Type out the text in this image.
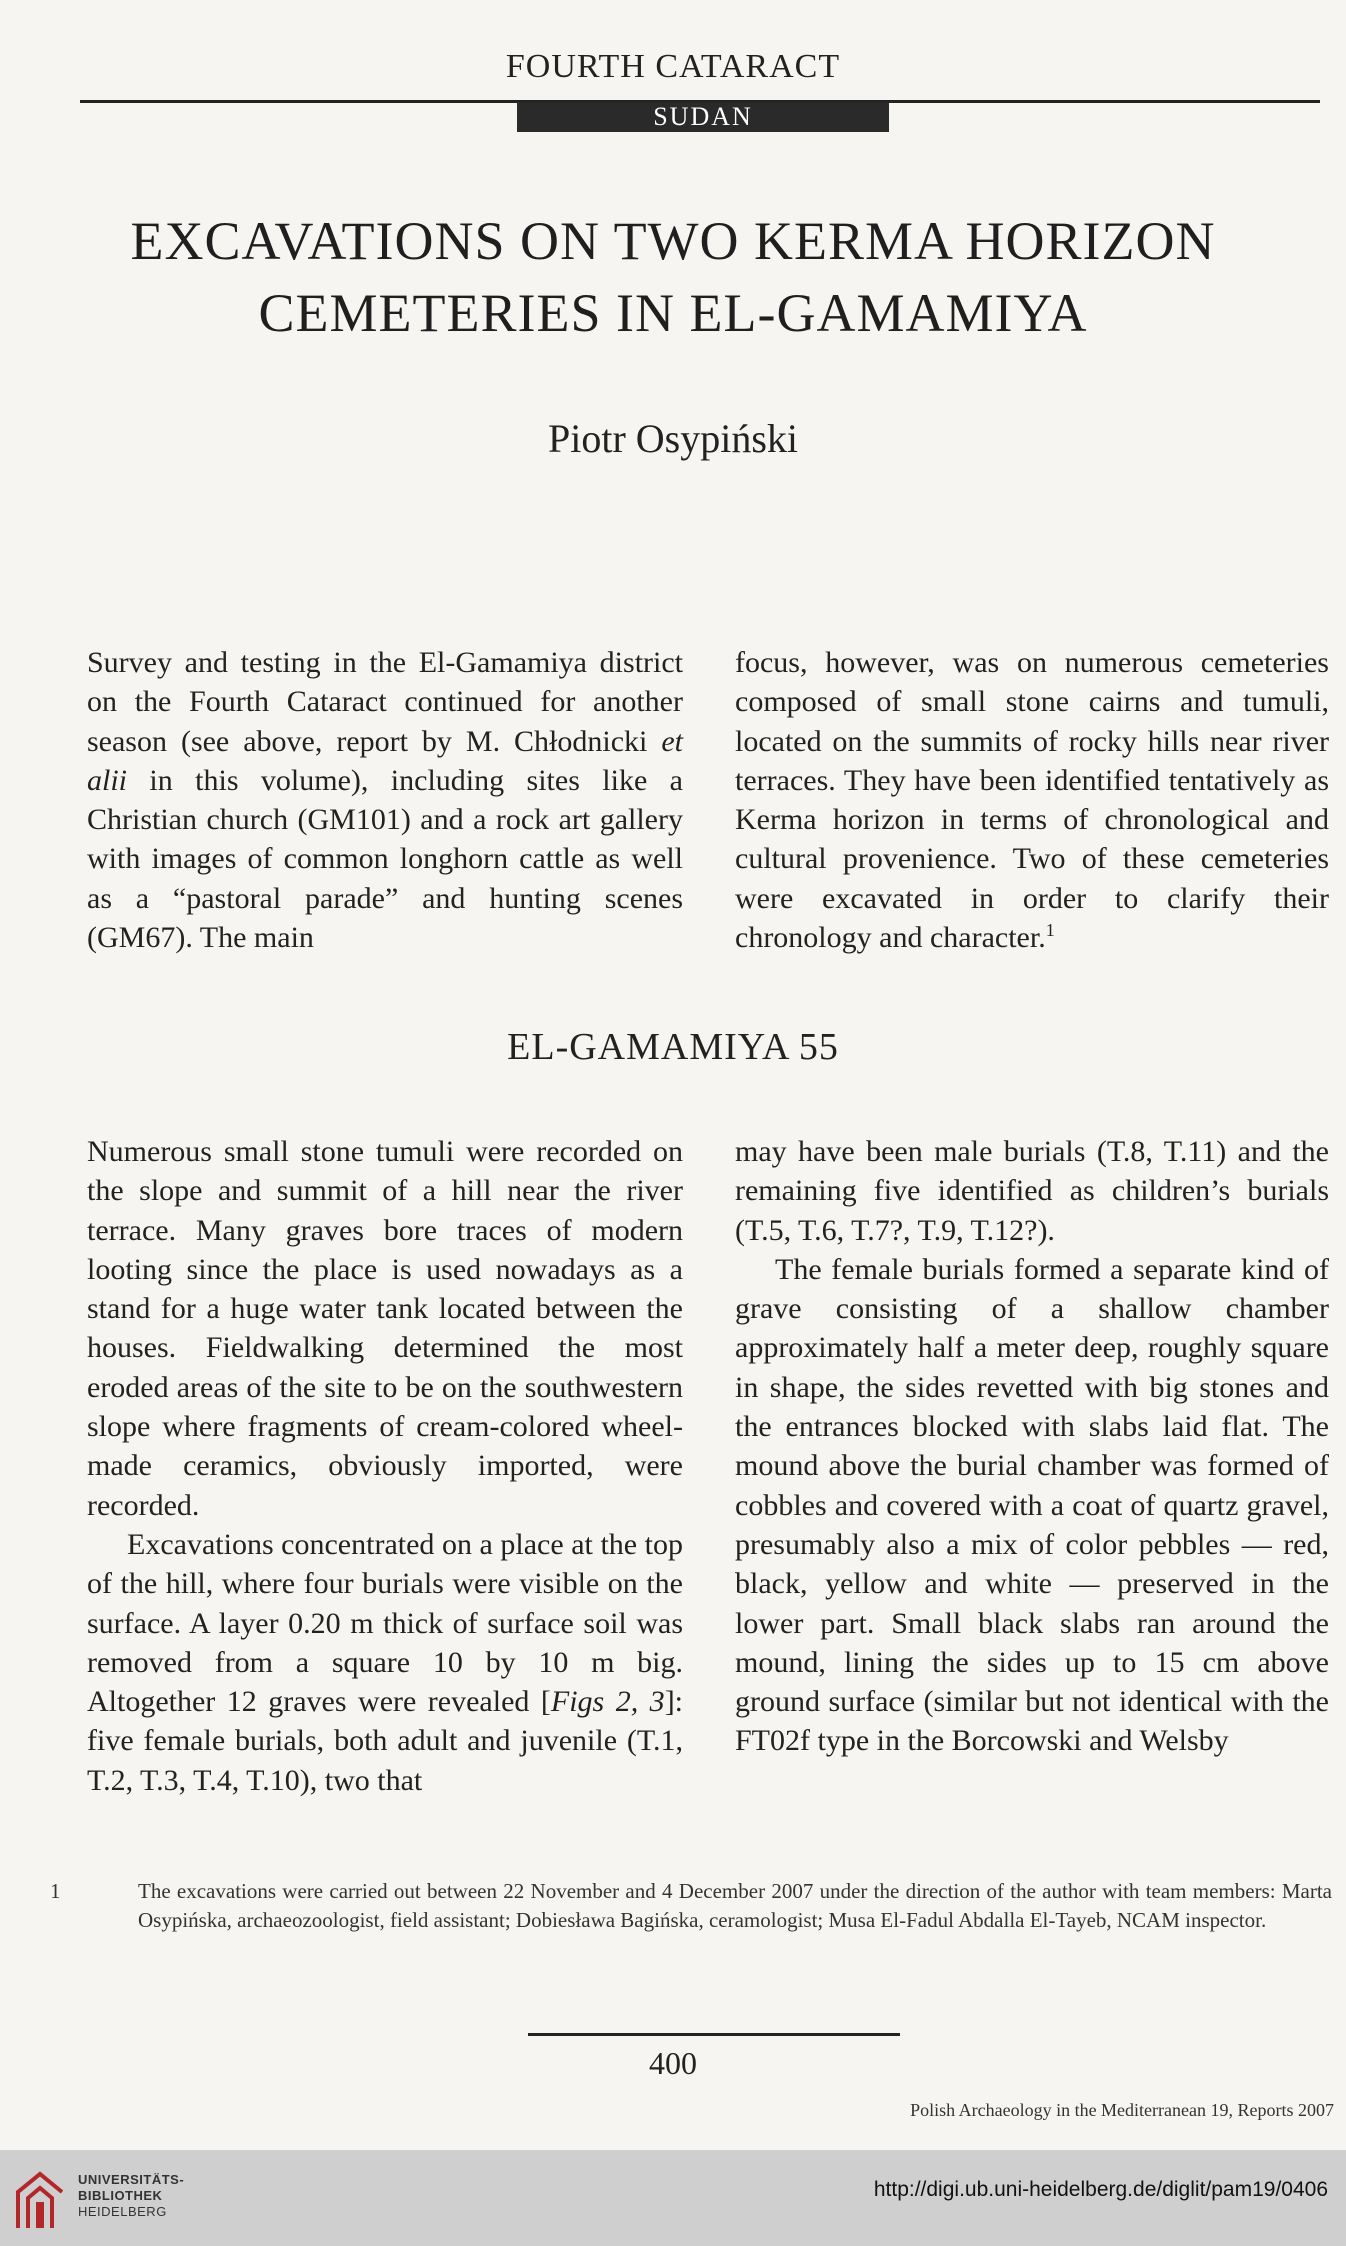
FOURTH CATARACT
SUDAN
EXCAVATIONS ON TWO KERMA HORIZON
CEMETERIES IN EL-GAMAMIYA
Piotr Osypiński

Survey and testing in the El-Gamamiya district on the Fourth Cataract continued for another season (see above, report by M. Chłodnicki et alii in this volume), including sites like a Christian church (GM101) and a rock art gallery with images of common longhorn cattle as well as a “pastoral parade” and hunting scenes (GM67). The main

focus, however, was on numerous cemeteries composed of small stone cairns and tumuli, located on the summits of rocky hills near river terraces. They have been identified tentatively as Kerma horizon in terms of chronological and cultural provenience. Two of these cemeteries were excavated in order to clarify their chronology and character.$^1$

EL-GAMAMIYA 55

Numerous small stone tumuli were recorded on the slope and summit of a hill near the river terrace. Many graves bore traces of modern looting since the place is used nowadays as a stand for a huge water tank located between the houses. Fieldwalking determined the most eroded areas of the site to be on the southwestern slope where fragments of cream-colored wheel-made ceramics, obviously imported, were recorded.

Excavations concentrated on a place at the top of the hill, where four burials were visible on the surface. A layer 0.20 m thick of surface soil was removed from a square 10 by 10 m big. Altogether 12 graves were revealed [Figs 2, 3]: five female burials, both adult and juvenile (T.1, T.2, T.3, T.4, T.10), two that

may have been male burials (T.8, T.11) and the remaining five identified as children’s burials (T.5, T.6, T.7?, T.9, T.12?).

The female burials formed a separate kind of grave consisting of a shallow chamber approximately half a meter deep, roughly square in shape, the sides revetted with big stones and the entrances blocked with slabs laid flat. The mound above the burial chamber was formed of cobbles and covered with a coat of quartz gravel, presumably also a mix of color pebbles — red, black, yellow and white — preserved in the lower part. Small black slabs ran around the mound, lining the sides up to 15 cm above ground surface (similar but not identical with the FT02f type in the Borcowski and Welsby

1	The excavations were carried out between 22 November and 4 December 2007 under the direction of the author with team members: Marta Osypińska, archaeozoologist, field assistant; Dobiesława Bagińska, ceramologist; Musa El-Fadul Abdalla El-Tayeb, NCAM inspector.
400
Polish Archaeology in the Mediterranean 19, Reports 2007
UNIVERSITÄTS-
BIBLIOTHEK
HEIDELBERG
http://digi.ub.uni-heidelberg.de/diglit/pam19/0406
